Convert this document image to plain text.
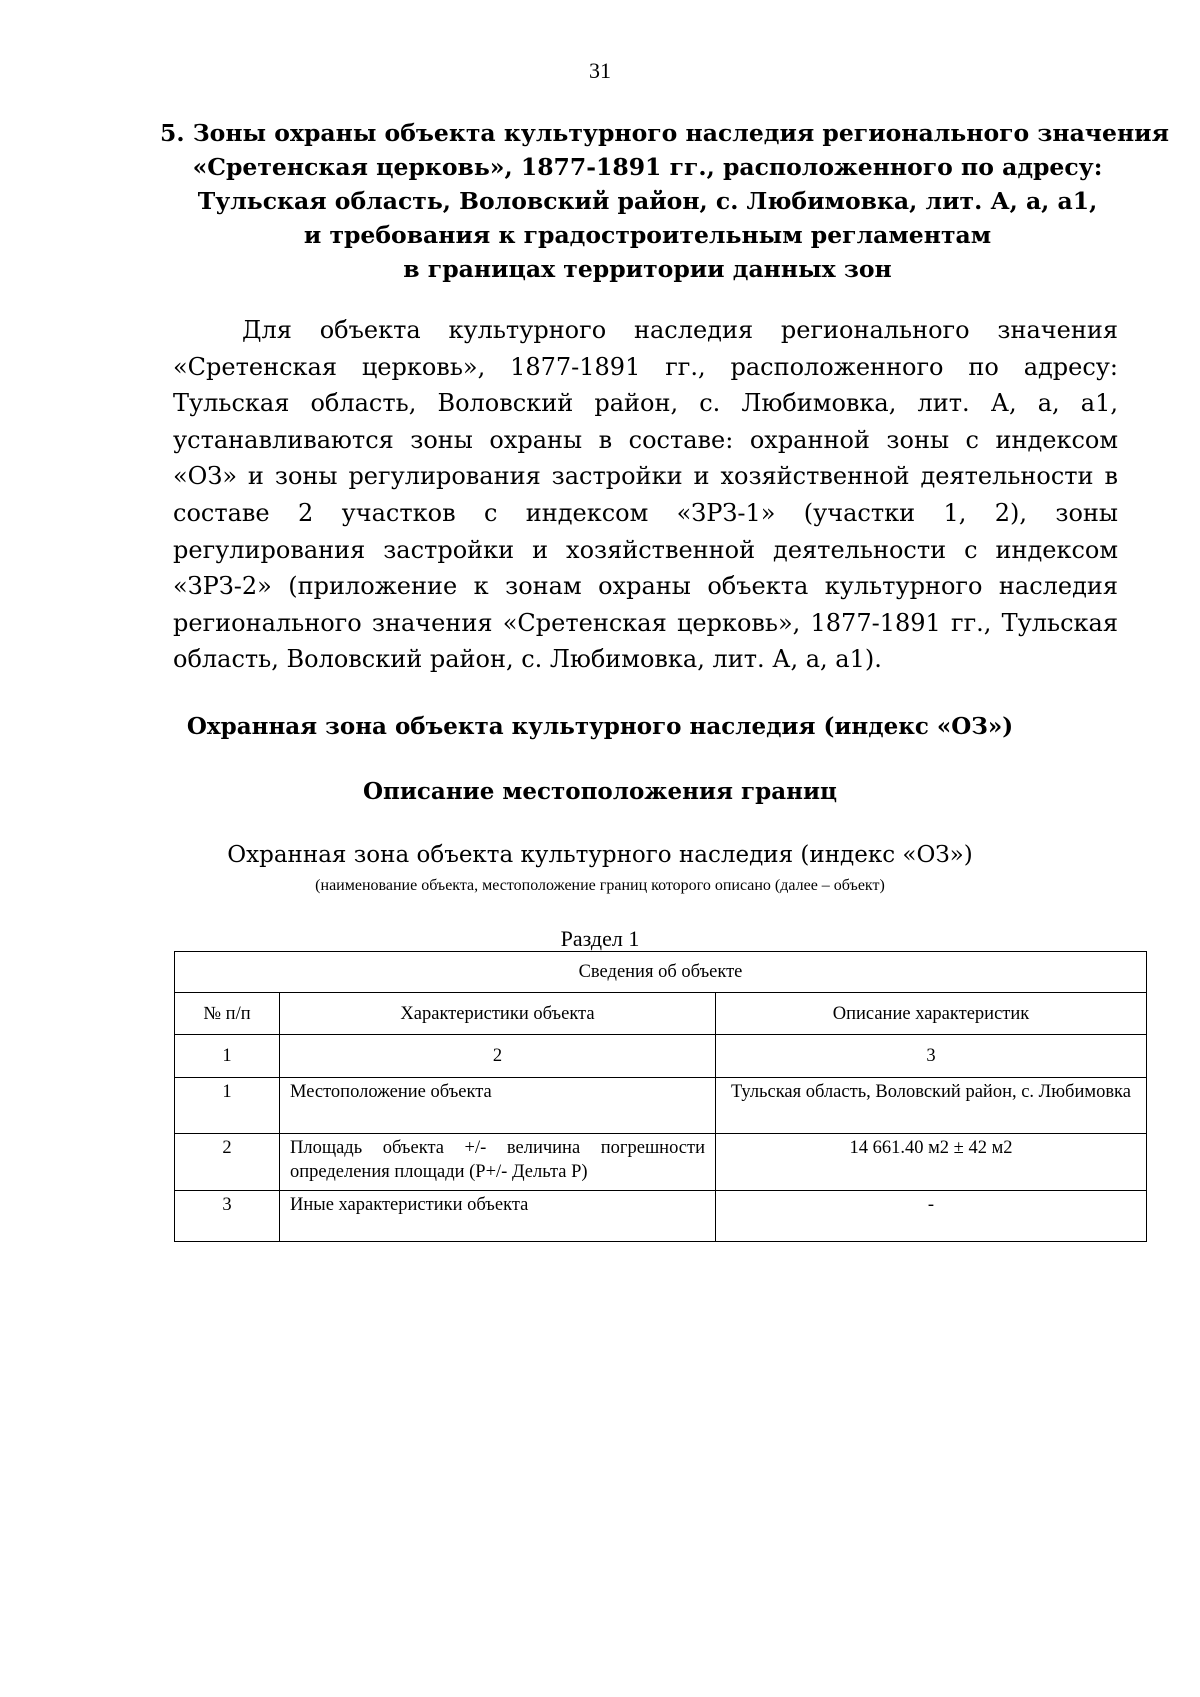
31
5. Зоны охраны объекта культурного наследия регионального значения
«Сретенская церковь», 1877-1891 гг., расположенного по адресу:
Тульская область, Воловский район, с. Любимовка, лит. А, а, а1,
и требования к градостроительным регламентам
в границах территории данных зон

Для объекта культурного наследия регионального значения «Сретенская церковь», 1877-1891 гг., расположенного по адресу: Тульская область, Воловский район, с. Любимовка, лит. А, а, а1, устанавливаются зоны охраны в составе: охранной зоны с индексом «ОЗ» и зоны регулирования застройки и хозяйственной деятельности в составе 2 участков с индексом «ЗРЗ-1» (участки 1, 2), зоны регулирования застройки и хозяйственной деятельности с индексом «ЗРЗ-2» (приложение к зонам охраны объекта культурного наследия регионального значения «Сретенская церковь», 1877-1891 гг., Тульская область, Воловский район, с. Любимовка, лит. А, а, а1).

Охранная зона объекта культурного наследия (индекс «ОЗ»)
Описание местоположения границ
Охранная зона объекта культурного наследия (индекс «ОЗ»)
(наименование объекта, местоположение границ которого описано (далее – объект)
Раздел 1
Сведения об объекте		
№ п/п	Характеристики объекта	Описание характеристик
1	2	3
1	Местоположение объекта	Тульская область, Воловский район, с. Любимовка
2	Площадь объекта +/- величина погрешности определения площади (Р+/- Дельта Р)	14 661.40 м2 ± 42 м2
3	Иные характеристики объекта	-
